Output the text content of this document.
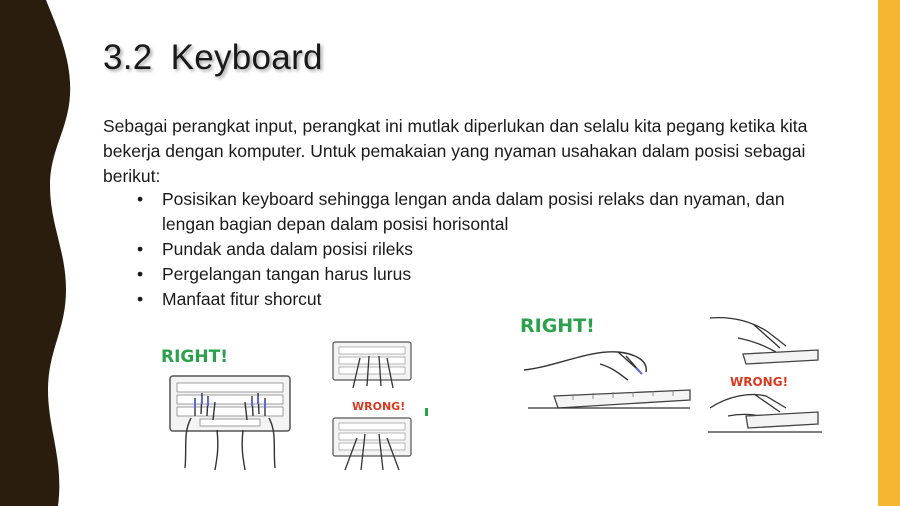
3.2 Keyboard
Sebagai perangkat input, perangkat ini mutlak diperlukan dan selalu kita pegang ketika kita bekerja dengan komputer. Untuk pemakaian yang nyaman usahakan dalam posisi sebagai berikut:
• Posisikan keyboard sehingga lengan anda dalam posisi relaks dan nyaman, dan lengan bagian depan dalam posisi horisontal
• Pundak anda dalam posisi rileks
• Pergelangan tangan harus lurus
• Manfaat fitur shorcut
RIGHT!
WRONG!
RIGHT!
WRONG!
